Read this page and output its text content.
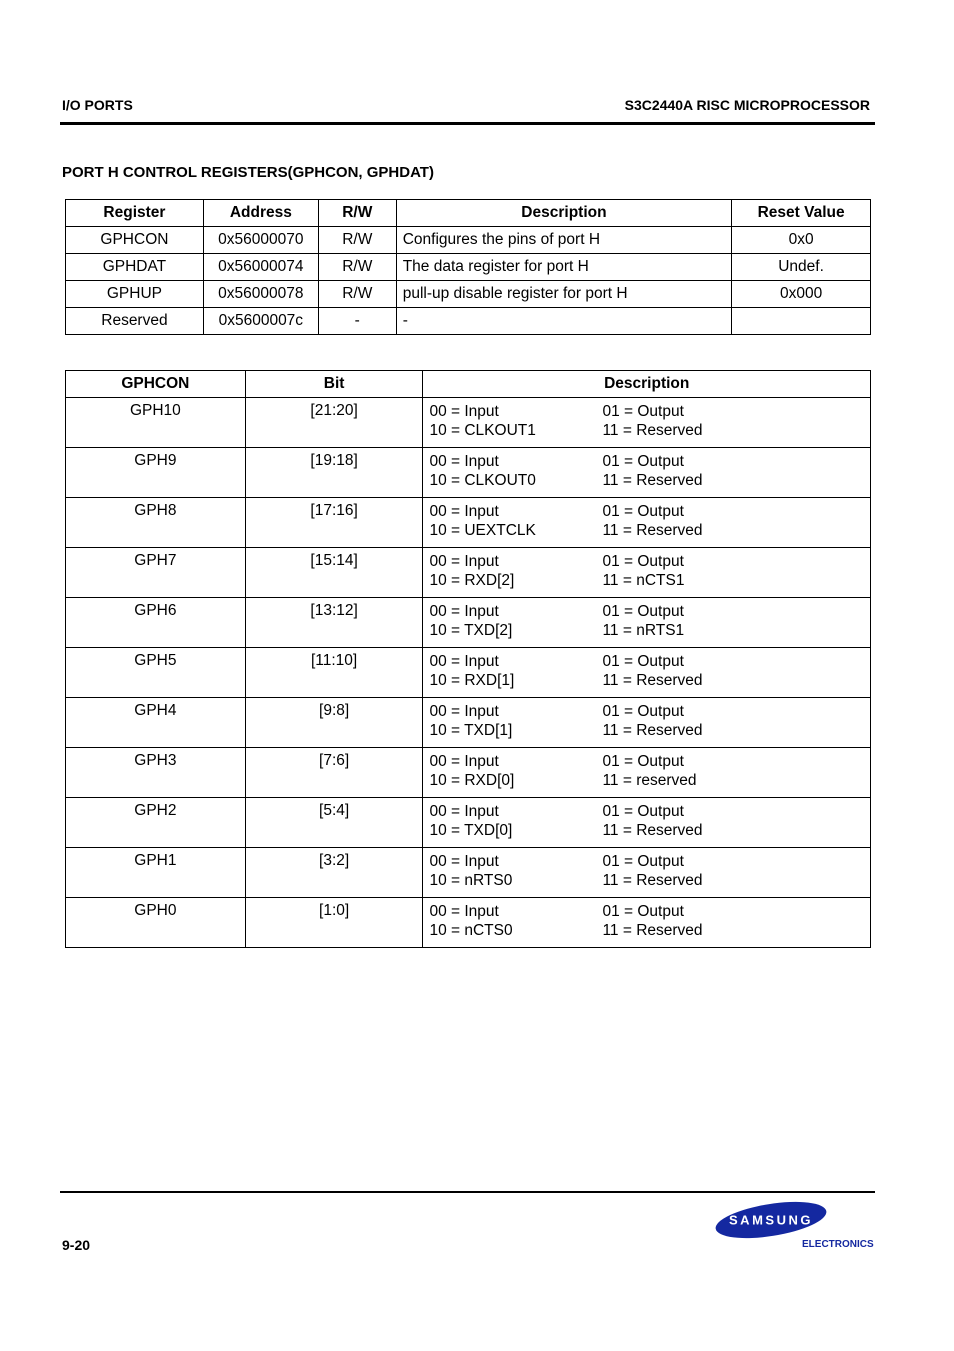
I/O PORTS	S3C2440A RISC MICROPROCESSOR
PORT H CONTROL REGISTERS(GPHCON, GPHDAT)
Register	Address	R/W	Description	Reset Value
GPHCON	0x56000070	R/W	Configures the pins of port H	0x0
GPHDAT	0x56000074	R/W	The data register for port H	Undef.
GPHUP	0x56000078	R/W	pull-up disable register for port H	0x000
Reserved	0x5600007c	-	-	
GPHCON	Bit	Description
GPH10	[21:20]	00 = Input 01 = Output
10 = CLKOUT1 11 = Reserved

GPH9	[19:18]	00 = Input 01 = Output
10 = CLKOUT0 11 = Reserved

GPH8	[17:16]	00 = Input 01 = Output
10 = UEXTCLK 11 = Reserved

GPH7	[15:14]	00 = Input 01 = Output
10 = RXD[2] 11 = nCTS1

GPH6	[13:12]	00 = Input 01 = Output
10 = TXD[2] 11 = nRTS1

GPH5	[11:10]	00 = Input 01 = Output
10 = RXD[1] 11 = Reserved

GPH4	[9:8]	00 = Input 01 = Output
10 = TXD[1] 11 = Reserved

GPH3	[7:6]	00 = Input 01 = Output
10 = RXD[0] 11 = reserved

GPH2	[5:4]	00 = Input 01 = Output
10 = TXD[0] 11 = Reserved

GPH1	[3:2]	00 = Input 01 = Output
10 = nRTS0 11 = Reserved

GPH0	[1:0]	00 = Input 01 = Output
10 = nCTS0 11 = Reserved
9-20
SAMSUNG
ELECTRONICS
